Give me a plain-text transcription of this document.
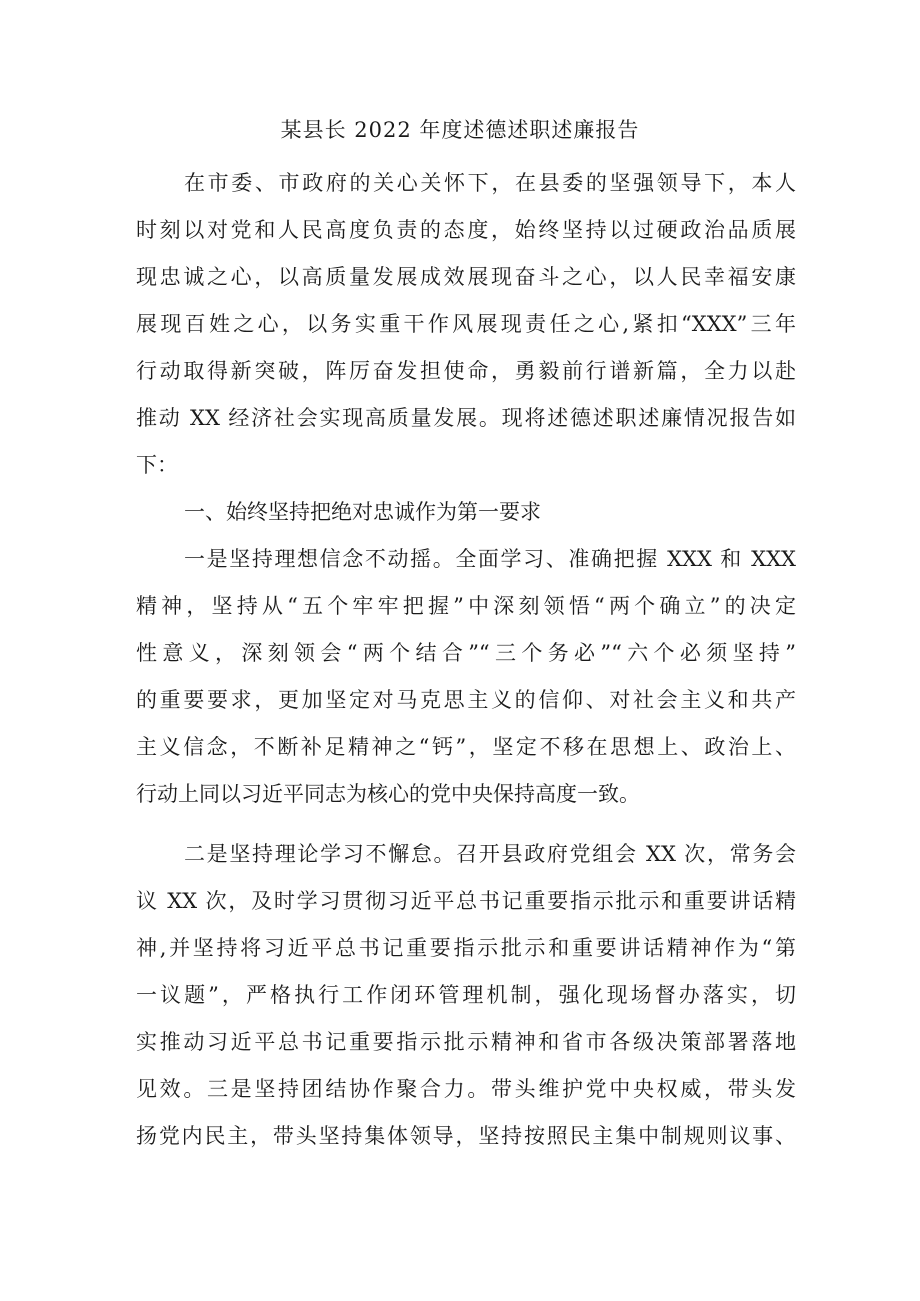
某县长 2022 年度述德述职述廉报告
在市委、市政府的关心关怀下，在县委的坚强领导下，本人
时刻以对党和人民高度负责的态度，始终坚持以过硬政治品质展
现忠诚之心，以高质量发展成效展现奋斗之心，以人民幸福安康
展现百姓之心，以务实重干作风展现责任之心,紧扣“XXX”三年
行动取得新突破，阵厉奋发担使命，勇毅前行谱新篇，全力以赴
推动 XX 经济社会实现高质量发展。现将述德述职述廉情况报告如
下：
一、始终坚持把绝对忠诚作为第一要求
一是坚持理想信念不动摇。全面学习、准确把握 XXX 和 XXX
精神，坚持从“五个牢牢把握”中深刻领悟“两个确立”的决定
性意义，深刻领会“两个结合”“三个务必”“六个必须坚持”
的重要要求，更加坚定对马克思主义的信仰、对社会主义和共产
主义信念，不断补足精神之“钙”，坚定不移在思想上、政治上、
行动上同以习近平同志为核心的党中央保持高度一致。
二是坚持理论学习不懈怠。召开县政府党组会 XX 次，常务会
议 XX 次，及时学习贯彻习近平总书记重要指示批示和重要讲话精
神,并坚持将习近平总书记重要指示批示和重要讲话精神作为“第
一议题”，严格执行工作闭环管理机制，强化现场督办落实，切
实推动习近平总书记重要指示批示精神和省市各级决策部署落地
见效。三是坚持团结协作聚合力。带头维护党中央权威，带头发
扬党内民主，带头坚持集体领导，坚持按照民主集中制规则议事、
